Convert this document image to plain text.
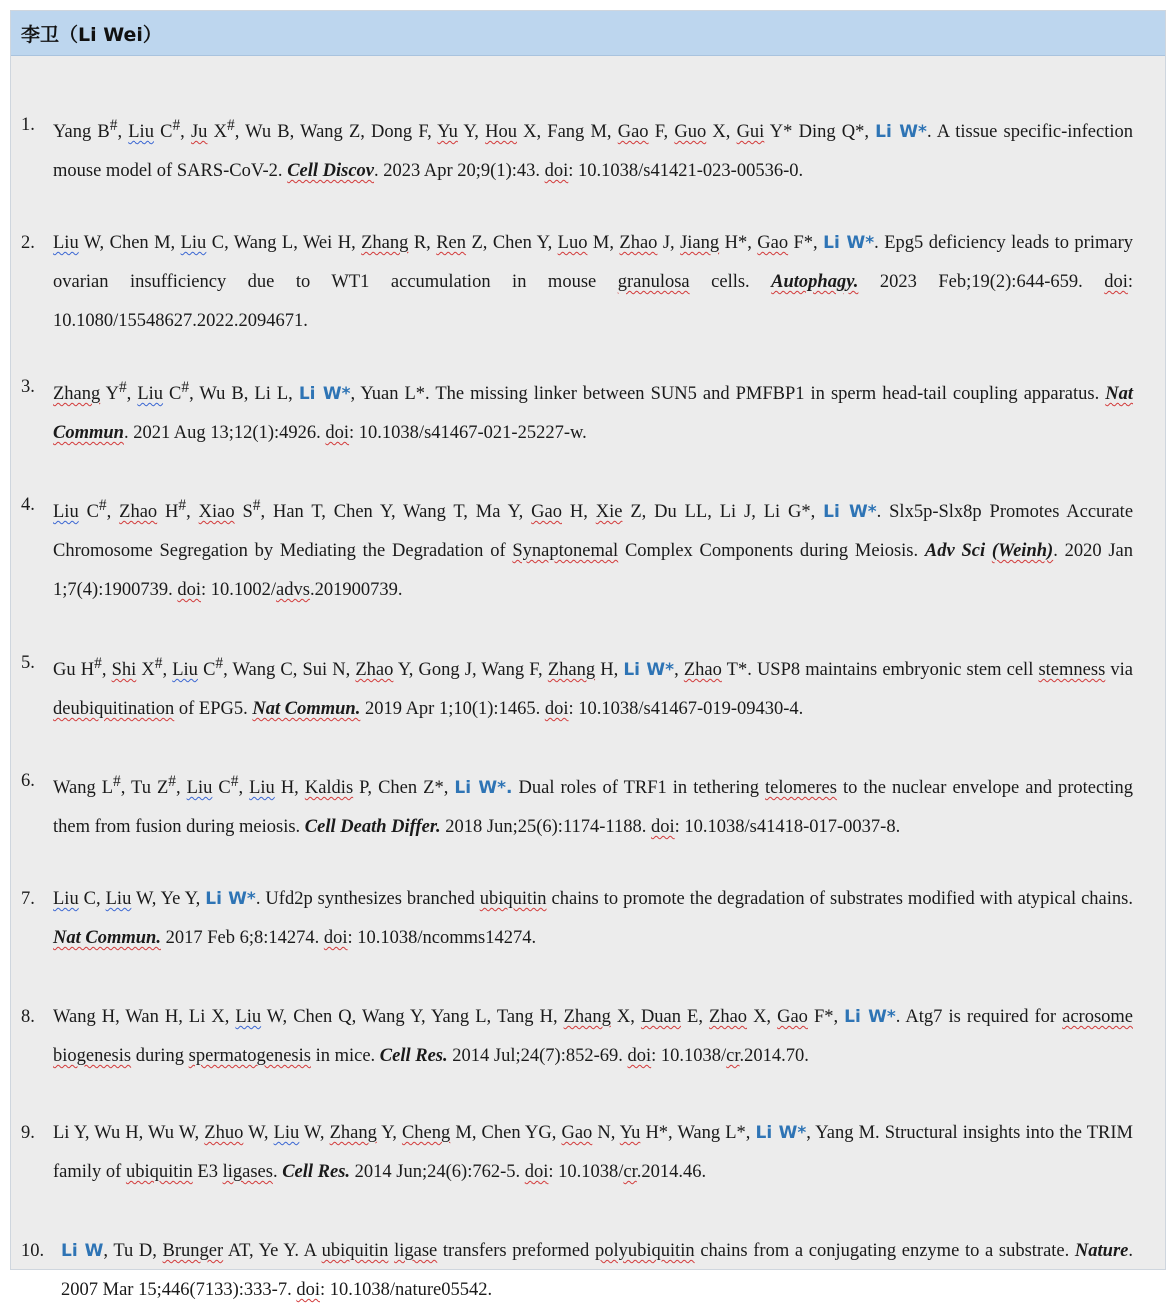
李卫（Li Wei）
1. Yang B#, Liu C#, Ju X#, Wu B, Wang Z, Dong F, Yu Y, Hou X, Fang M, Gao F, Guo X, Gui Y* Ding Q*, Li W*. A tissue specific-infection mouse model of SARS-CoV-2. Cell Discov. 2023 Apr 20;9(1):43. doi: 10.1038/s41421-023-00536-0.
2. Liu W, Chen M, Liu C, Wang L, Wei H, Zhang R, Ren Z, Chen Y, Luo M, Zhao J, Jiang H*, Gao F*, Li W*. Epg5 deficiency leads to primary ovarian insufficiency due to WT1 accumulation in mouse granulosa cells. Autophagy. 2023 Feb;19(2):644-659. doi: 10.1080/15548627.2022.2094671.
3. Zhang Y#, Liu C#, Wu B, Li L, Li W*, Yuan L*. The missing linker between SUN5 and PMFBP1 in sperm head-tail coupling apparatus. Nat Commun. 2021 Aug 13;12(1):4926. doi: 10.1038/s41467-021-25227-w.
4. Liu C#, Zhao H#, Xiao S#, Han T, Chen Y, Wang T, Ma Y, Gao H, Xie Z, Du LL, Li J, Li G*, Li W*. Slx5p-Slx8p Promotes Accurate Chromosome Segregation by Mediating the Degradation of Synaptonemal Complex Components during Meiosis. Adv Sci (Weinh). 2020 Jan 1;7(4):1900739. doi: 10.1002/advs.201900739.
5. Gu H#, Shi X#, Liu C#, Wang C, Sui N, Zhao Y, Gong J, Wang F, Zhang H, Li W*, Zhao T*. USP8 maintains embryonic stem cell stemness via deubiquitination of EPG5. Nat Commun. 2019 Apr 1;10(1):1465. doi: 10.1038/s41467-019-09430-4.
6. Wang L#, Tu Z#, Liu C#, Liu H, Kaldis P, Chen Z*, Li W*. Dual roles of TRF1 in tethering telomeres to the nuclear envelope and protecting them from fusion during meiosis. Cell Death Differ. 2018 Jun;25(6):1174-1188. doi: 10.1038/s41418-017-0037-8.
7. Liu C, Liu W, Ye Y, Li W*. Ufd2p synthesizes branched ubiquitin chains to promote the degradation of substrates modified with atypical chains. Nat Commun. 2017 Feb 6;8:14274. doi: 10.1038/ncomms14274.
8. Wang H, Wan H, Li X, Liu W, Chen Q, Wang Y, Yang L, Tang H, Zhang X, Duan E, Zhao X, Gao F*, Li W*. Atg7 is required for acrosome biogenesis during spermatogenesis in mice. Cell Res. 2014 Jul;24(7):852-69. doi: 10.1038/cr.2014.70.
9. Li Y, Wu H, Wu W, Zhuo W, Liu W, Zhang Y, Cheng M, Chen YG, Gao N, Yu H*, Wang L*, Li W*, Yang M. Structural insights into the TRIM family of ubiquitin E3 ligases. Cell Res. 2014 Jun;24(6):762-5. doi: 10.1038/cr.2014.46.
10. Li W, Tu D, Brunger AT, Ye Y. A ubiquitin ligase transfers preformed polyubiquitin chains from a conjugating enzyme to a substrate. Nature. 2007 Mar 15;446(7133):333-7. doi: 10.1038/nature05542.
